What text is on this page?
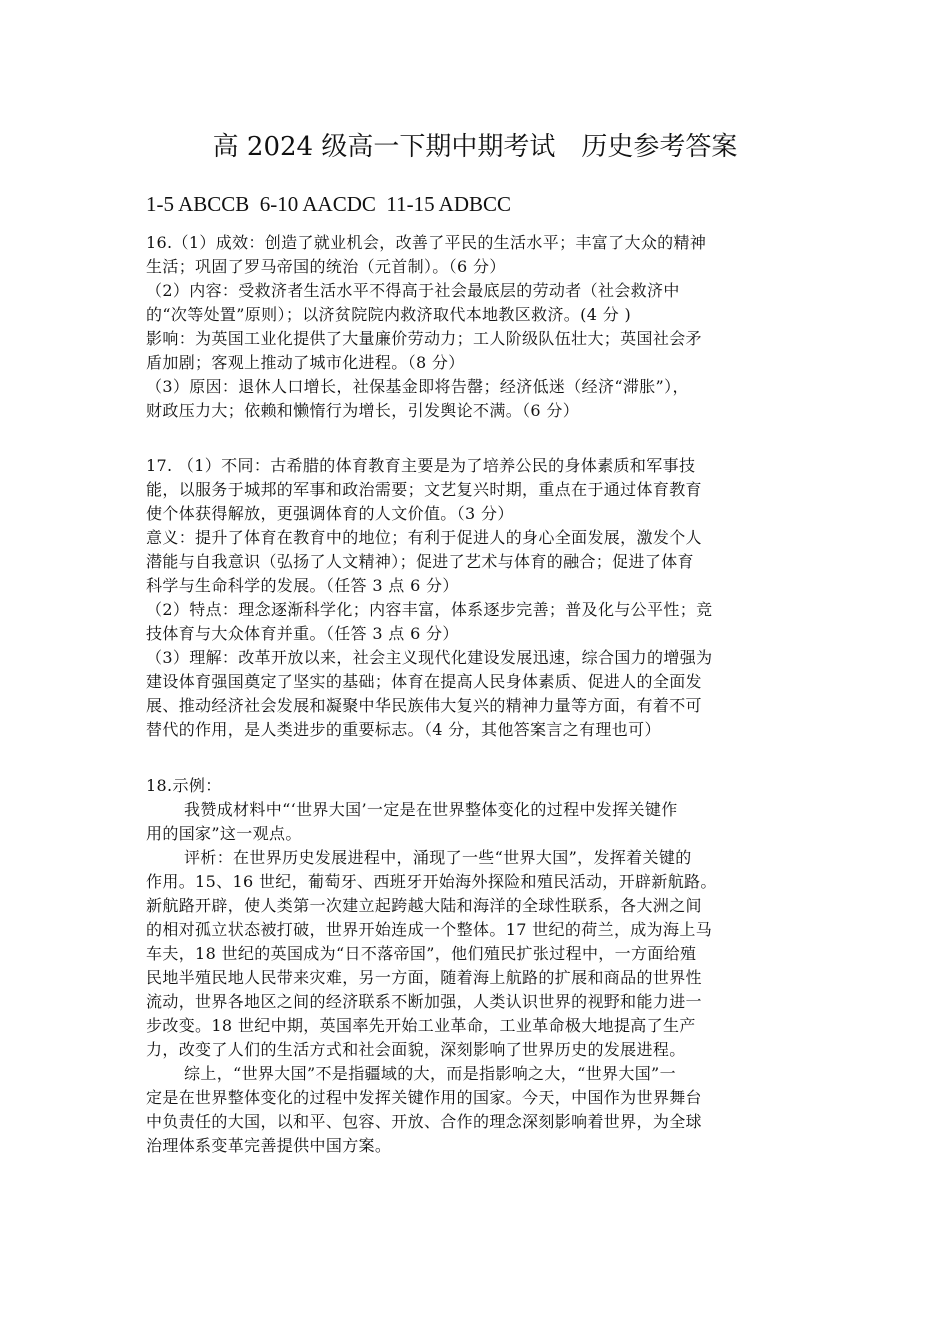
高 2024 级高一下期中期考试　历史参考答案
1-5 ABCCB  6-10 AACDC  11-15 ADBCC
16.（1）成效：创造了就业机会，改善了平民的生活水平；丰富了大众的精神
生活；巩固了罗马帝国的统治（元首制）。（6 分）
（2）内容：受救济者生活水平不得高于社会最底层的劳动者（社会救济中
的“次等处置”原则）；以济贫院院内救济取代本地教区救济。(4 分 )
影响：为英国工业化提供了大量廉价劳动力；工人阶级队伍壮大；英国社会矛
盾加剧；客观上推动了城市化进程。（8 分）
（3）原因：退休人口增长，社保基金即将告罄；经济低迷（经济“滞胀”），
财政压力大；依赖和懒惰行为增长，引发舆论不满。（6 分）
17. （1）不同：古希腊的体育教育主要是为了培养公民的身体素质和军事技
能，以服务于城邦的军事和政治需要；文艺复兴时期，重点在于通过体育教育
使个体获得解放，更强调体育的人文价值。（3 分）
意义：提升了体育在教育中的地位；有利于促进人的身心全面发展，激发个人
潜能与自我意识（弘扬了人文精神）；促进了艺术与体育的融合；促进了体育
科学与生命科学的发展。（任答 3 点 6 分）
（2）特点：理念逐渐科学化；内容丰富，体系逐步完善；普及化与公平性；竞
技体育与大众体育并重。（任答 3 点 6 分）
（3）理解：改革开放以来，社会主义现代化建设发展迅速，综合国力的增强为
建设体育强国奠定了坚实的基础；体育在提高人民身体素质、促进人的全面发
展、推动经济社会发展和凝聚中华民族伟大复兴的精神力量等方面，有着不可
替代的作用，是人类进步的重要标志。（4 分，其他答案言之有理也可）
18.示例：
我赞成材料中“‘世界大国’一定是在世界整体变化的过程中发挥关键作
用的国家”这一观点。
评析：在世界历史发展进程中，涌现了一些“世界大国”，发挥着关键的
作用。15、16 世纪，葡萄牙、西班牙开始海外探险和殖民活动，开辟新航路。
新航路开辟，使人类第一次建立起跨越大陆和海洋的全球性联系，各大洲之间
的相对孤立状态被打破，世界开始连成一个整体。17 世纪的荷兰，成为海上马
车夫，18 世纪的英国成为“日不落帝国”，他们殖民扩张过程中，一方面给殖
民地半殖民地人民带来灾难，另一方面，随着海上航路的扩展和商品的世界性
流动，世界各地区之间的经济联系不断加强，人类认识世界的视野和能力进一
步改变。18 世纪中期，英国率先开始工业革命，工业革命极大地提高了生产
力，改变了人们的生活方式和社会面貌，深刻影响了世界历史的发展进程。
综上，“世界大国”不是指疆域的大，而是指影响之大，“世界大国”一
定是在世界整体变化的过程中发挥关键作用的国家。今天，中国作为世界舞台
中负责任的大国，以和平、包容、开放、合作的理念深刻影响着世界，为全球
治理体系变革完善提供中国方案。
